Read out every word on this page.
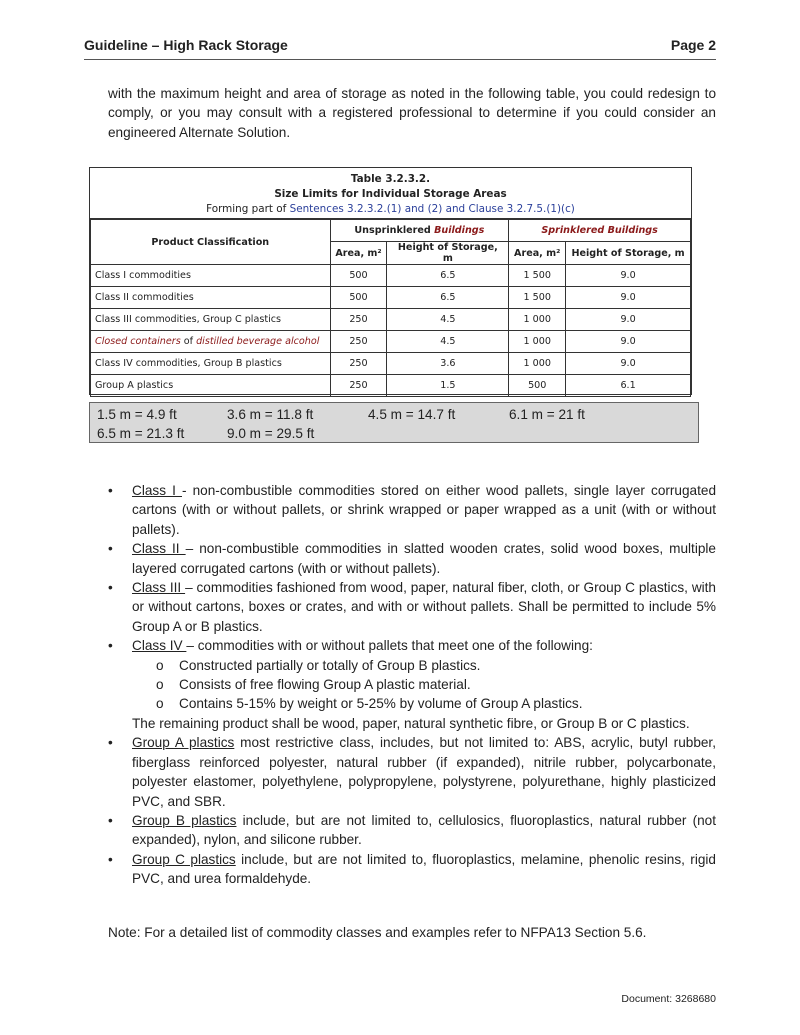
Guideline – High Rack Storage	Page 2
with the maximum height and area of storage as noted in the following table, you could redesign to comply, or you may consult with a registered professional to determine if you could consider an engineered Alternate Solution.
Table 3.2.3.2.
Size Limits for Individual Storage Areas
Forming part of Sentences 3.2.3.2.(1) and (2) and Clause 3.2.7.5.(1)(c)
Product Classification	Unsprinklered Buildings		Sprinklered Buildings	
	Area, m²	Height of Storage, m	Area, m²	Height of Storage, m
Class I commodities	500	6.5	1 500	9.0
Class II commodities	500	6.5	1 500	9.0
Class III commodities, Group C plastics	250	4.5	1 000	9.0
Closed containers of distilled beverage alcohol	250	4.5	1 000	9.0
Class IV commodities, Group B plastics	250	3.6	1 000	9.0
Group A plastics	250	1.5	500	6.1
1.5 m = 4.9 ft	3.6 m = 11.8 ft	4.5 m = 14.7 ft	6.1 m = 21 ft
6.5 m = 21.3 ft	9.0 m = 29.5 ft
• Class I - non-combustible commodities stored on either wood pallets, single layer corrugated cartons (with or without pallets, or shrink wrapped or paper wrapped as a unit (with or without pallets).
• Class II – non-combustible commodities in slatted wooden crates, solid wood boxes, multiple layered corrugated cartons (with or without pallets).
• Class III – commodities fashioned from wood, paper, natural fiber, cloth, or Group C plastics, with or without cartons, boxes or crates, and with or without pallets. Shall be permitted to include 5% Group A or B plastics.
• Class IV – commodities with or without pallets that meet one of the following:
o Constructed partially or totally of Group B plastics.
o Consists of free flowing Group A plastic material.
o Contains 5-15% by weight or 5-25% by volume of Group A plastics.
The remaining product shall be wood, paper, natural synthetic fibre, or Group B or C plastics.
• Group A plastics most restrictive class, includes, but not limited to: ABS, acrylic, butyl rubber, fiberglass reinforced polyester, natural rubber (if expanded), nitrile rubber, polycarbonate, polyester elastomer, polyethylene, polypropylene, polystyrene, polyurethane, highly plasticized PVC, and SBR.
• Group B plastics include, but are not limited to, cellulosics, fluoroplastics, natural rubber (not expanded), nylon, and silicone rubber.
• Group C plastics include, but are not limited to, fluoroplastics, melamine, phenolic resins, rigid PVC, and urea formaldehyde.
Note: For a detailed list of commodity classes and examples refer to NFPA13 Section 5.6.
Document: 3268680
